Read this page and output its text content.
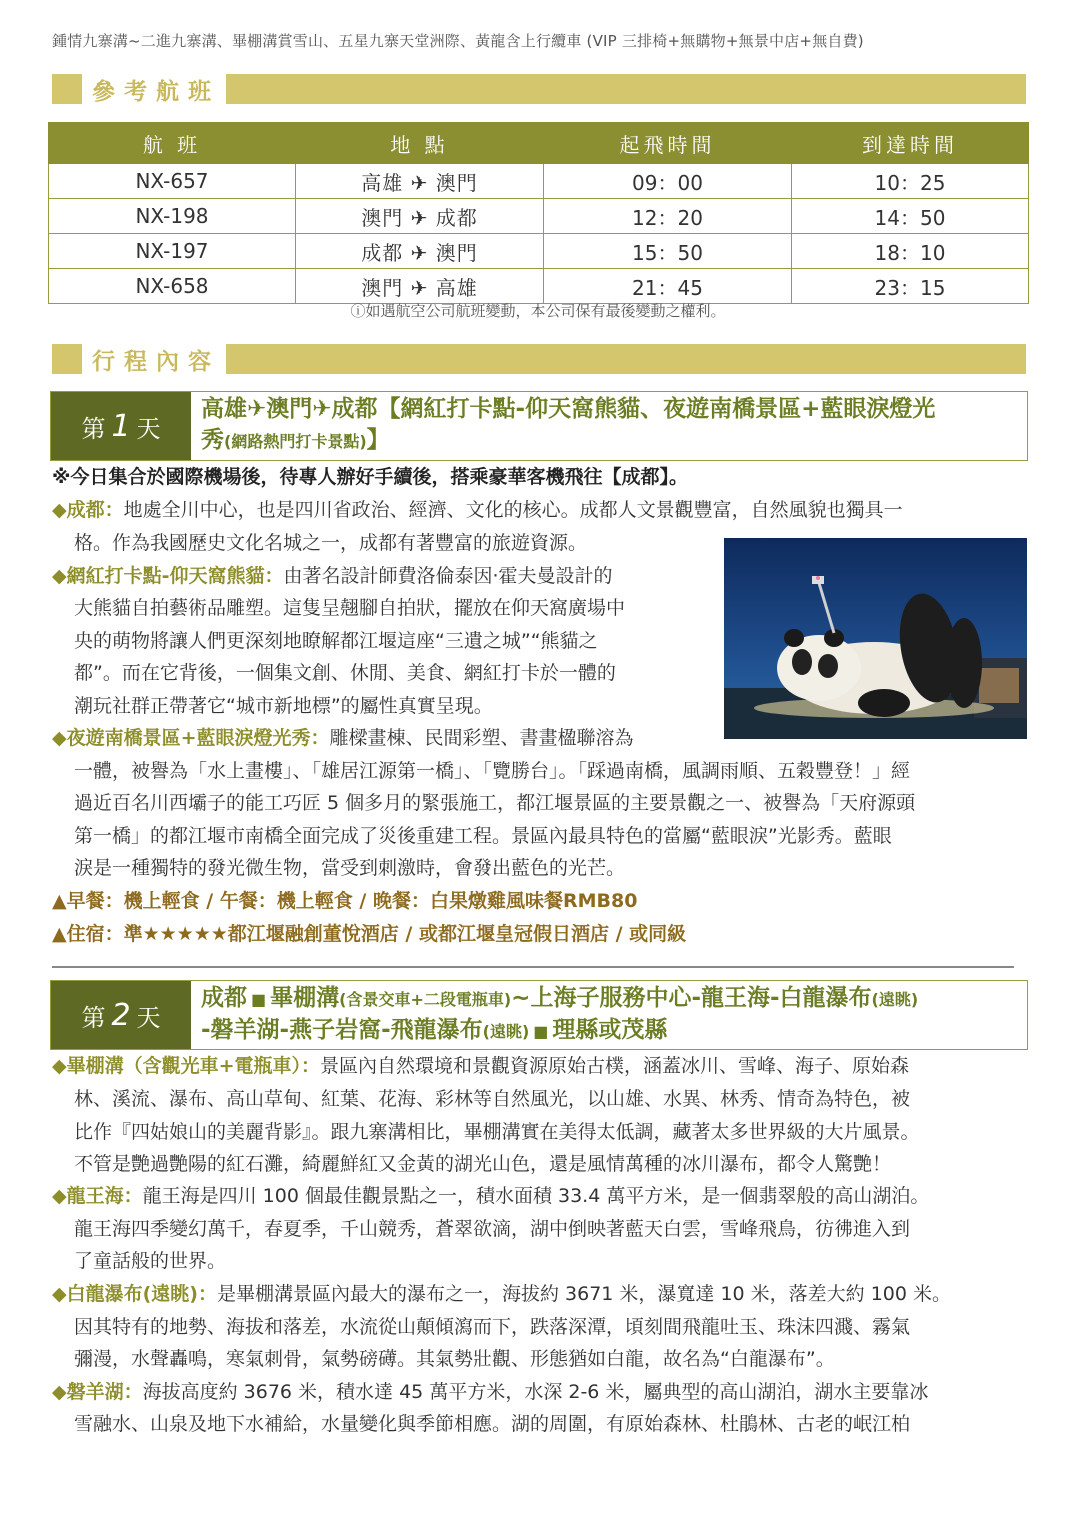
鍾情九寨溝~二進九寨溝、畢棚溝賞雪山、五星九寨天堂洲際、黃龍含上行纜車 (VIP 三排椅+無購物+無景中店+無自費)
參考航班
航 班	地 點	起飛時間	到達時間
NX-657	高雄 ✈ 澳門	09：00	10：25
NX-198	澳門 ✈ 成都	12：20	14：50
NX-197	成都 ✈ 澳門	15：50	18：10
NX-658	澳門 ✈ 高雄	21：45	23：15
ⓘ如遇航空公司航班變動，本公司保有最後變動之權利。
行程內容
第 1 天
高雄✈澳門✈成都【網紅打卡點-仰天窩熊貓、夜遊南橋景區+藍眼淚燈光
秀(網路熱門打卡景點)】
※今日集合於國際機場後，待專人辦好手續後，搭乘豪華客機飛往【成都】。
◆成都：地處全川中心，也是四川省政治、經濟、文化的核心。成都人文景觀豐富，自然風貌也獨具一
格。作為我國歷史文化名城之一，成都有著豐富的旅遊資源。
◆網紅打卡點-仰天窩熊貓：由著名設計師費洛倫泰因·霍夫曼設計的
大熊貓自拍藝術品雕塑。這隻呈翹腳自拍狀，擺放在仰天窩廣場中
央的萌物將讓人們更深刻地瞭解都江堰這座“三遺之城”“熊貓之
都”。而在它背後，一個集文創、休閒、美食、網紅打卡於一體的
潮玩社群正帶著它“城市新地標”的屬性真實呈現。
◆夜遊南橋景區+藍眼淚燈光秀：雕樑畫棟、民間彩塑、書畫楹聯溶為
一體，被譽為「水上畫樓」、「雄居江源第一橋」、「覽勝台」。「踩過南橋，風調雨順、五穀豐登！」經
過近百名川西壩子的能工巧匠 5 個多月的緊張施工，都江堰景區的主要景觀之一、被譽為「天府源頭
第一橋」的都江堰市南橋全面完成了災後重建工程。景區內最具特色的當屬“藍眼淚”光影秀。藍眼
淚是一種獨特的發光微生物，當受到刺激時，會發出藍色的光芒。
▲早餐：機上輕食 / 午餐：機上輕食 / 晚餐：白果燉雞風味餐RMB80
▲住宿：準★★★★★都江堰融創董悅酒店 / 或都江堰皇冠假日酒店 / 或同級
第 2 天
成都 ■ 畢棚溝(含景交車+二段電瓶車)~上海子服務中心-龍王海-白龍瀑布(遠眺)
-磐羊湖-燕子岩窩-飛龍瀑布(遠眺) ■ 理縣或茂縣
◆畢棚溝（含觀光車+電瓶車）：景區內自然環境和景觀資源原始古樸，涵蓋冰川、雪峰、海子、原始森
林、溪流、瀑布、高山草甸、紅葉、花海、彩林等自然風光，以山雄、水異、林秀、情奇為特色，被
比作『四姑娘山的美麗背影』。跟九寨溝相比，畢棚溝實在美得太低調，藏著太多世界級的大片風景。
不管是艷過艷陽的紅石灘，綺麗鮮紅又金黃的湖光山色，還是風情萬種的冰川瀑布，都令人驚艷！
◆龍王海：龍王海是四川 100 個最佳觀景點之一，積水面積 33.4 萬平方米，是一個翡翠般的高山湖泊。
龍王海四季變幻萬千，春夏季，千山競秀，蒼翠欲滴，湖中倒映著藍天白雲，雪峰飛鳥，彷彿進入到
了童話般的世界。
◆白龍瀑布(遠眺)：是畢棚溝景區內最大的瀑布之一，海拔約 3671 米，瀑寬達 10 米，落差大約 100 米。
因其特有的地勢、海拔和落差，水流從山顛傾瀉而下，跌落深潭，頃刻間飛龍吐玉、珠沫四濺、霧氣
彌漫，水聲轟鳴，寒氣刺骨，氣勢磅礡。其氣勢壯觀、形態猶如白龍，故名為“白龍瀑布”。
◆磐羊湖：海拔高度約 3676 米，積水達 45 萬平方米，水深 2-6 米，屬典型的高山湖泊，湖水主要靠冰
雪融水、山泉及地下水補給，水量變化與季節相應。湖的周圍，有原始森林、杜鵑林、古老的岷江柏
